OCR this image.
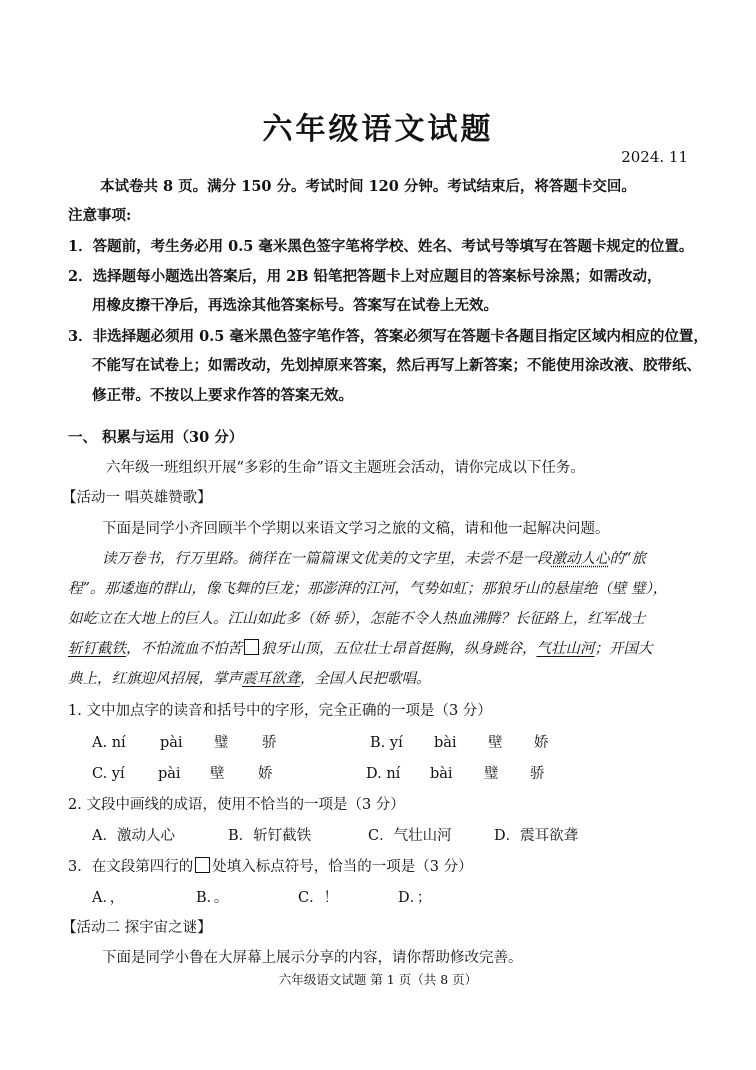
六年级语文试题
2024. 11
本试卷共 8 页。满分 150 分。考试时间 120 分钟。考试结束后，将答题卡交回。
注意事项:
1．答题前，考生务必用 0.5 毫米黑色签字笔将学校、姓名、考试号等填写在答题卡规定的位置。
2．选择题每小题选出答案后，用 2B 铅笔把答题卡上对应题目的答案标号涂黑；如需改动，
用橡皮擦干净后，再选涂其他答案标号。答案写在试卷上无效。
3．非选择题必须用 0.5 毫米黑色签字笔作答，答案必须写在答题卡各题目指定区域内相应的位置，
不能写在试卷上；如需改动，先划掉原来答案，然后再写上新答案；不能使用涂改液、胶带纸、
修正带。不按以上要求作答的答案无效。
一、 积累与运用（30 分）
六年级一班组织开展“多彩的生命”语文主题班会活动，请你完成以下任务。
【活动一 唱英雄赞歌】
下面是同学小齐回顾半个学期以来语文学习之旅的文稿，请和他一起解决问题。
读万卷书，行万里路。徜徉在一篇篇课文优美的文字里，未尝不是一段激动人心的“旅
程”。那逶迤的群山，像飞舞的巨龙；那澎湃的江河，气势如虹；那狼牙山的悬崖绝（壁 璧），
如屹立在大地上的巨人。江山如此多（娇 骄），怎能不令人热血沸腾？长征路上，红军战士
斩钉截铁，不怕流血不怕苦 狼牙山顶，五位壮士昂首挺胸，纵身跳谷，气壮山河；开国大
典上，红旗迎风招展，掌声震耳欲聋，全国人民把歌唱。
1. 文中加点字的读音和括号中的字形，完全正确的一项是（3 分）
A. ní pài 璧 骄	B. yí bài 壁 娇
C. yí pài 壁 娇	D. ní bài 璧 骄
2. 文段中画线的成语，使用不恰当的一项是（3 分）
A．激动人心	B．斩钉截铁	C．气壮山河	D．震耳欲聋
3．在文段第四行的 处填入标点符号，恰当的一项是（3 分）
A．，	B．。	C．！	D．；
【活动二 探宇宙之谜】
下面是同学小鲁在大屏幕上展示分享的内容，请你帮助修改完善。
六年级语文试题 第 1 页（共 8 页）
